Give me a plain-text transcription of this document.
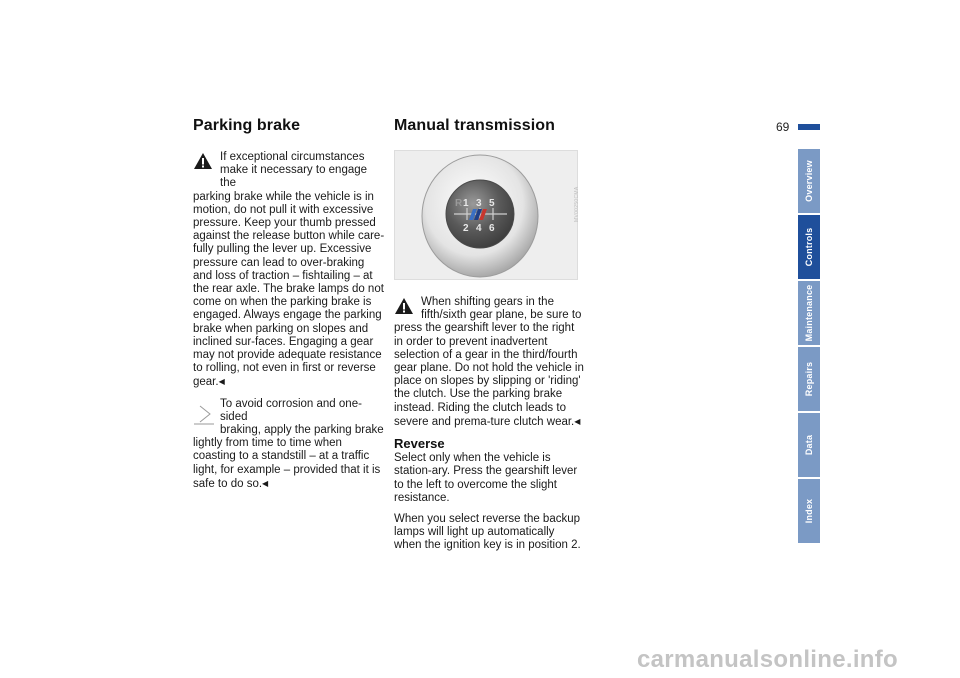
69
Overview
Controls
Maintenance
Repairs
Data
Index
Parking brake

If exceptional circumstances
make it necessary to engage the
parking brake while the vehicle is in motion, do not pull it with excessive pressure. Keep your thumb pressed against the release button while care-fully pulling the lever up. Excessive pressure can lead to over-braking and loss of traction – fishtailing – at the rear axle. The brake lamps do not come on when the parking brake is engaged. Always engage the parking brake when parking on slopes and inclined sur-faces. Engaging a gear may not provide adequate resistance to rolling, not even in first or reverse gear.◀

To avoid corrosion and one-sided
braking, apply the parking brake
lightly from time to time when coasting to a standstill – at a traffic light, for example – provided that it is safe to do so.◀

Manual transmission
R 1 3 5
2 4 6
MV00250CMA

When shifting gears in the
fifth/sixth gear plane, be sure to
press the gearshift lever to the right in order to prevent inadvertent selection of a gear in the third/fourth gear plane. Do not hold the vehicle in place on slopes by slipping or 'riding' the clutch. Use the parking brake instead. Riding the clutch leads to severe and prema-ture clutch wear.◀

Reverse

Select only when the vehicle is station-ary. Press the gearshift lever to the left to overcome the slight resistance.

When you select reverse the backup lamps will light up automatically when the ignition key is in position 2.

carmanualsonline.info
